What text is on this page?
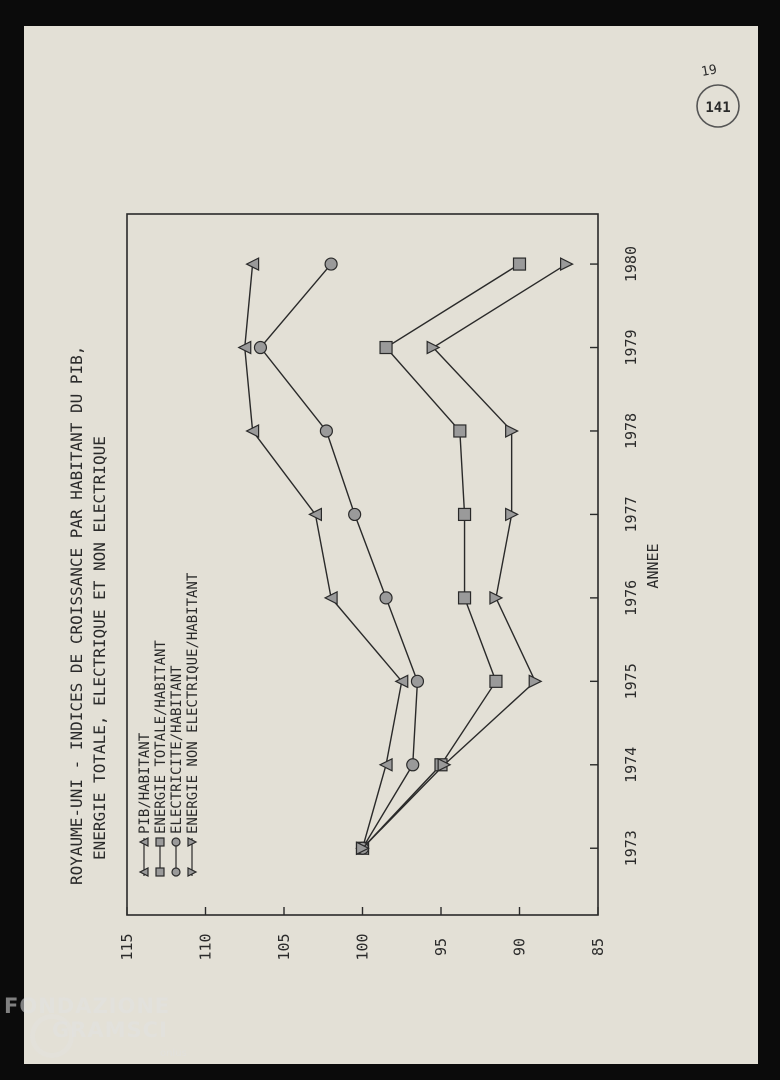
115	110	105	100	95	90	85
1973
1974
1975
1976
1977
1978
1979
1980
ROYAUME-UNI - INDICES DE CROISSANCE PAR HABITANT DU PIB, ENERGIE TOTALE, ELECTRIQUE ET NON ELECTRIQUE	ANNEE
PIB/HABITANT ENERGIE TOTALE/HABITANT ELECTRICITE/HABITANT ENERGIE NON ELECTRIQUE/HABITANT
19
141
FONDAZIONE
GRAMSCI
onlus
